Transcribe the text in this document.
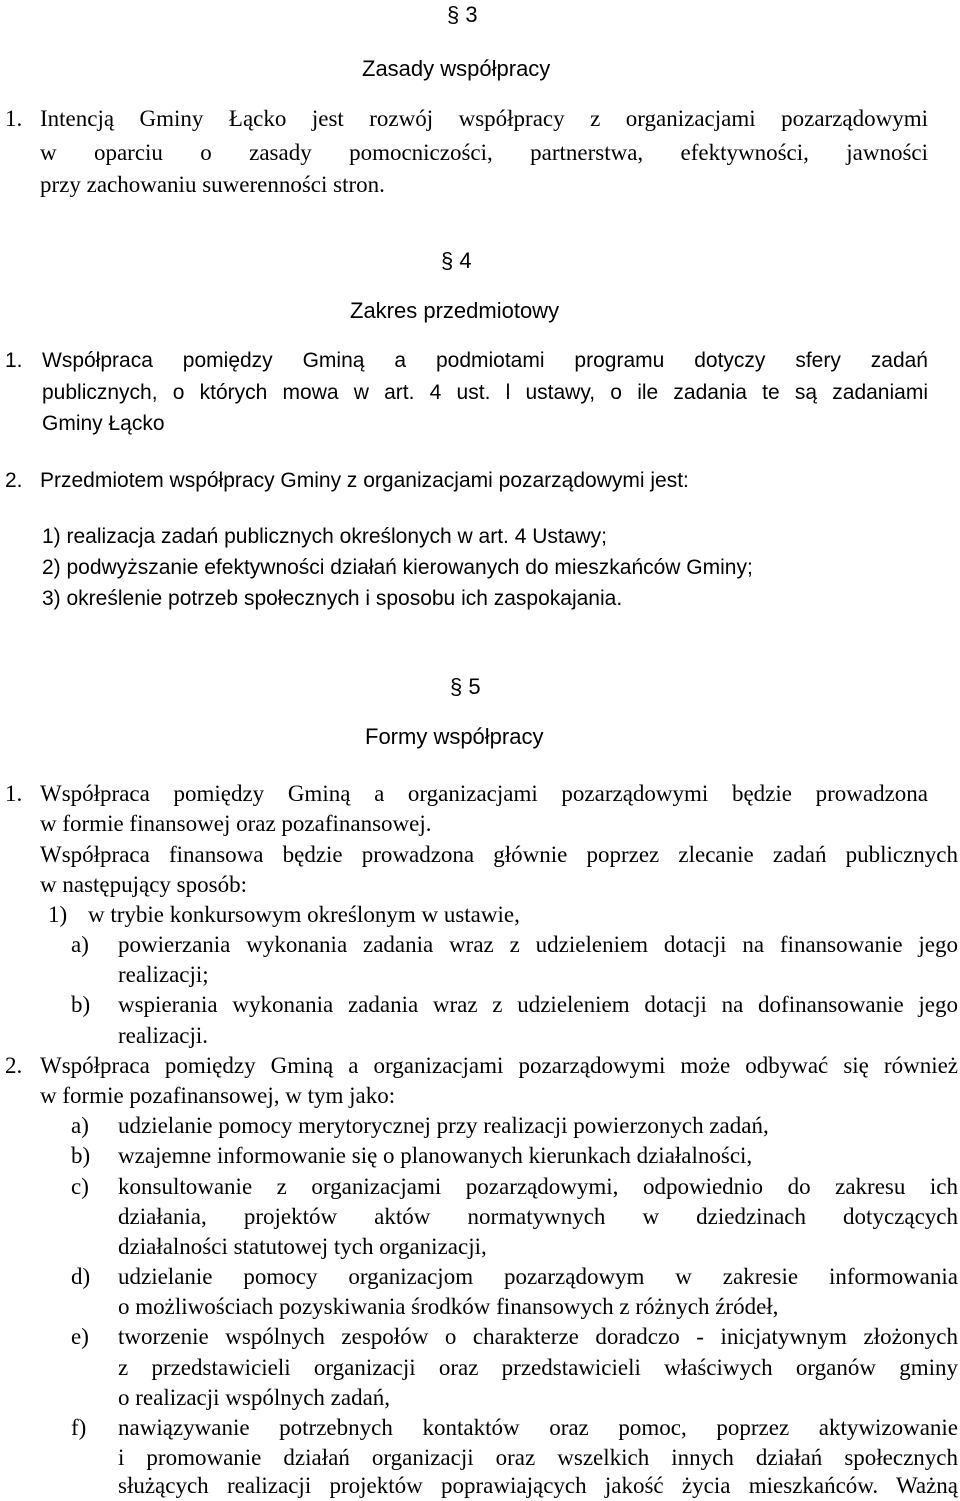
§ 3
Zasady współpracy
1. Intencją Gminy Łącko jest rozwój współpracy z organizacjami pozarządowymi
w oparciu o zasady pomocniczości, partnerstwa, efektywności, jawności
przy zachowaniu suwerenności stron.
§ 4
Zakres przedmiotowy
1. Współpraca pomiędzy Gminą a podmiotami programu dotyczy sfery zadań
publicznych, o których mowa w art. 4 ust. l ustawy, o ile zadania te są zadaniami
Gminy Łącko
2. Przedmiotem współpracy Gminy z organizacjami pozarządowymi jest:
1) realizacja zadań publicznych określonych w art. 4 Ustawy;
2) podwyższanie efektywności działań kierowanych do mieszkańców Gminy;
3) określenie potrzeb społecznych i sposobu ich zaspokajania.
§ 5
Formy współpracy
1. Współpraca pomiędzy Gminą a organizacjami pozarządowymi będzie prowadzona
w formie finansowej oraz pozafinansowej.
Współpraca finansowa będzie prowadzona głównie poprzez zlecanie zadań publicznych
w następujący sposób:
1) w trybie konkursowym określonym w ustawie,
a) powierzania wykonania zadania wraz z udzieleniem dotacji na finansowanie jego
realizacji;
b) wspierania wykonania zadania wraz z udzieleniem dotacji na dofinansowanie jego
realizacji.
2. Współpraca pomiędzy Gminą a organizacjami pozarządowymi może odbywać się również
w formie pozafinansowej, w tym jako:
a) udzielanie pomocy merytorycznej przy realizacji powierzonych zadań,
b) wzajemne informowanie się o planowanych kierunkach działalności,
c) konsultowanie z organizacjami pozarządowymi, odpowiednio do zakresu ich
działania, projektów aktów normatywnych w dziedzinach dotyczących
działalności statutowej tych organizacji,
d) udzielanie pomocy organizacjom pozarządowym w zakresie informowania
o możliwościach pozyskiwania środków finansowych z różnych źródeł,
e) tworzenie wspólnych zespołów o charakterze doradczo - inicjatywnym złożonych
z przedstawicieli organizacji oraz przedstawicieli właściwych organów gminy
o realizacji wspólnych zadań,
f) nawiązywanie potrzebnych kontaktów oraz pomoc, poprzez aktywizowanie
i promowanie działań organizacji oraz wszelkich innych działań społecznych
służących realizacji projektów poprawiających jakość życia mieszkańców. Ważną
